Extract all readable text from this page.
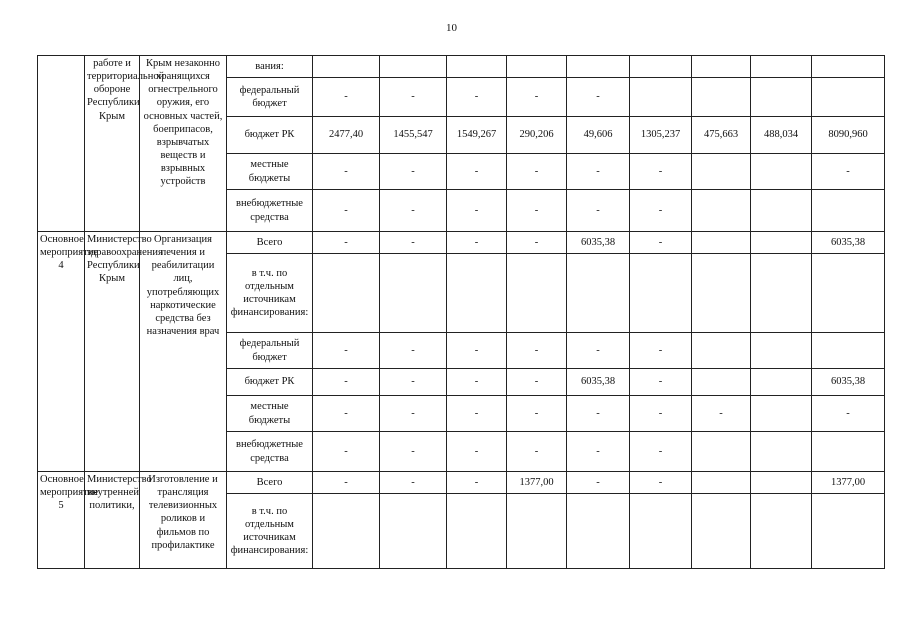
10

	работе и территориальной обороне Республики Крым	Крым незаконно хранящихся огнестрельного оружия, его основных частей, боеприпасов, взрывчатых веществ и взрывных устройств	вания:									
			федеральный бюджет	-	-	-	-	-				
			бюджет РК	2477,40	1455,547	1549,267	290,206	49,606	1305,237	475,663	488,034	8090,960
			местные бюджеты	-	-	-	-	-	-			-
			внебюджетные средства	-	-	-	-	-	-			

Основное мероприятие 4	Министерство здравоохранения Республики Крым	Организация лечения и реабилитации лиц, употребляющих наркотические средства без назначения врач	Всего	-	-	-	-	6035,38	-			6035,38
			в т.ч. по отдельным источникам финансирования:									
			федеральный бюджет	-	-	-	-	-	-			
			бюджет РК	-	-	-	-	6035,38	-			6035,38
			местные бюджеты	-	-	-	-	-	-	-		-
			внебюджетные средства	-	-	-	-	-	-			

Основное мероприятие 5	Министерство внутренней политики,	Изготовление и трансляция телевизионных роликов и фильмов по профилактике	Всего	-	-	-	1377,00	-	-			1377,00
			в т.ч. по отдельным источникам финансирования:									
